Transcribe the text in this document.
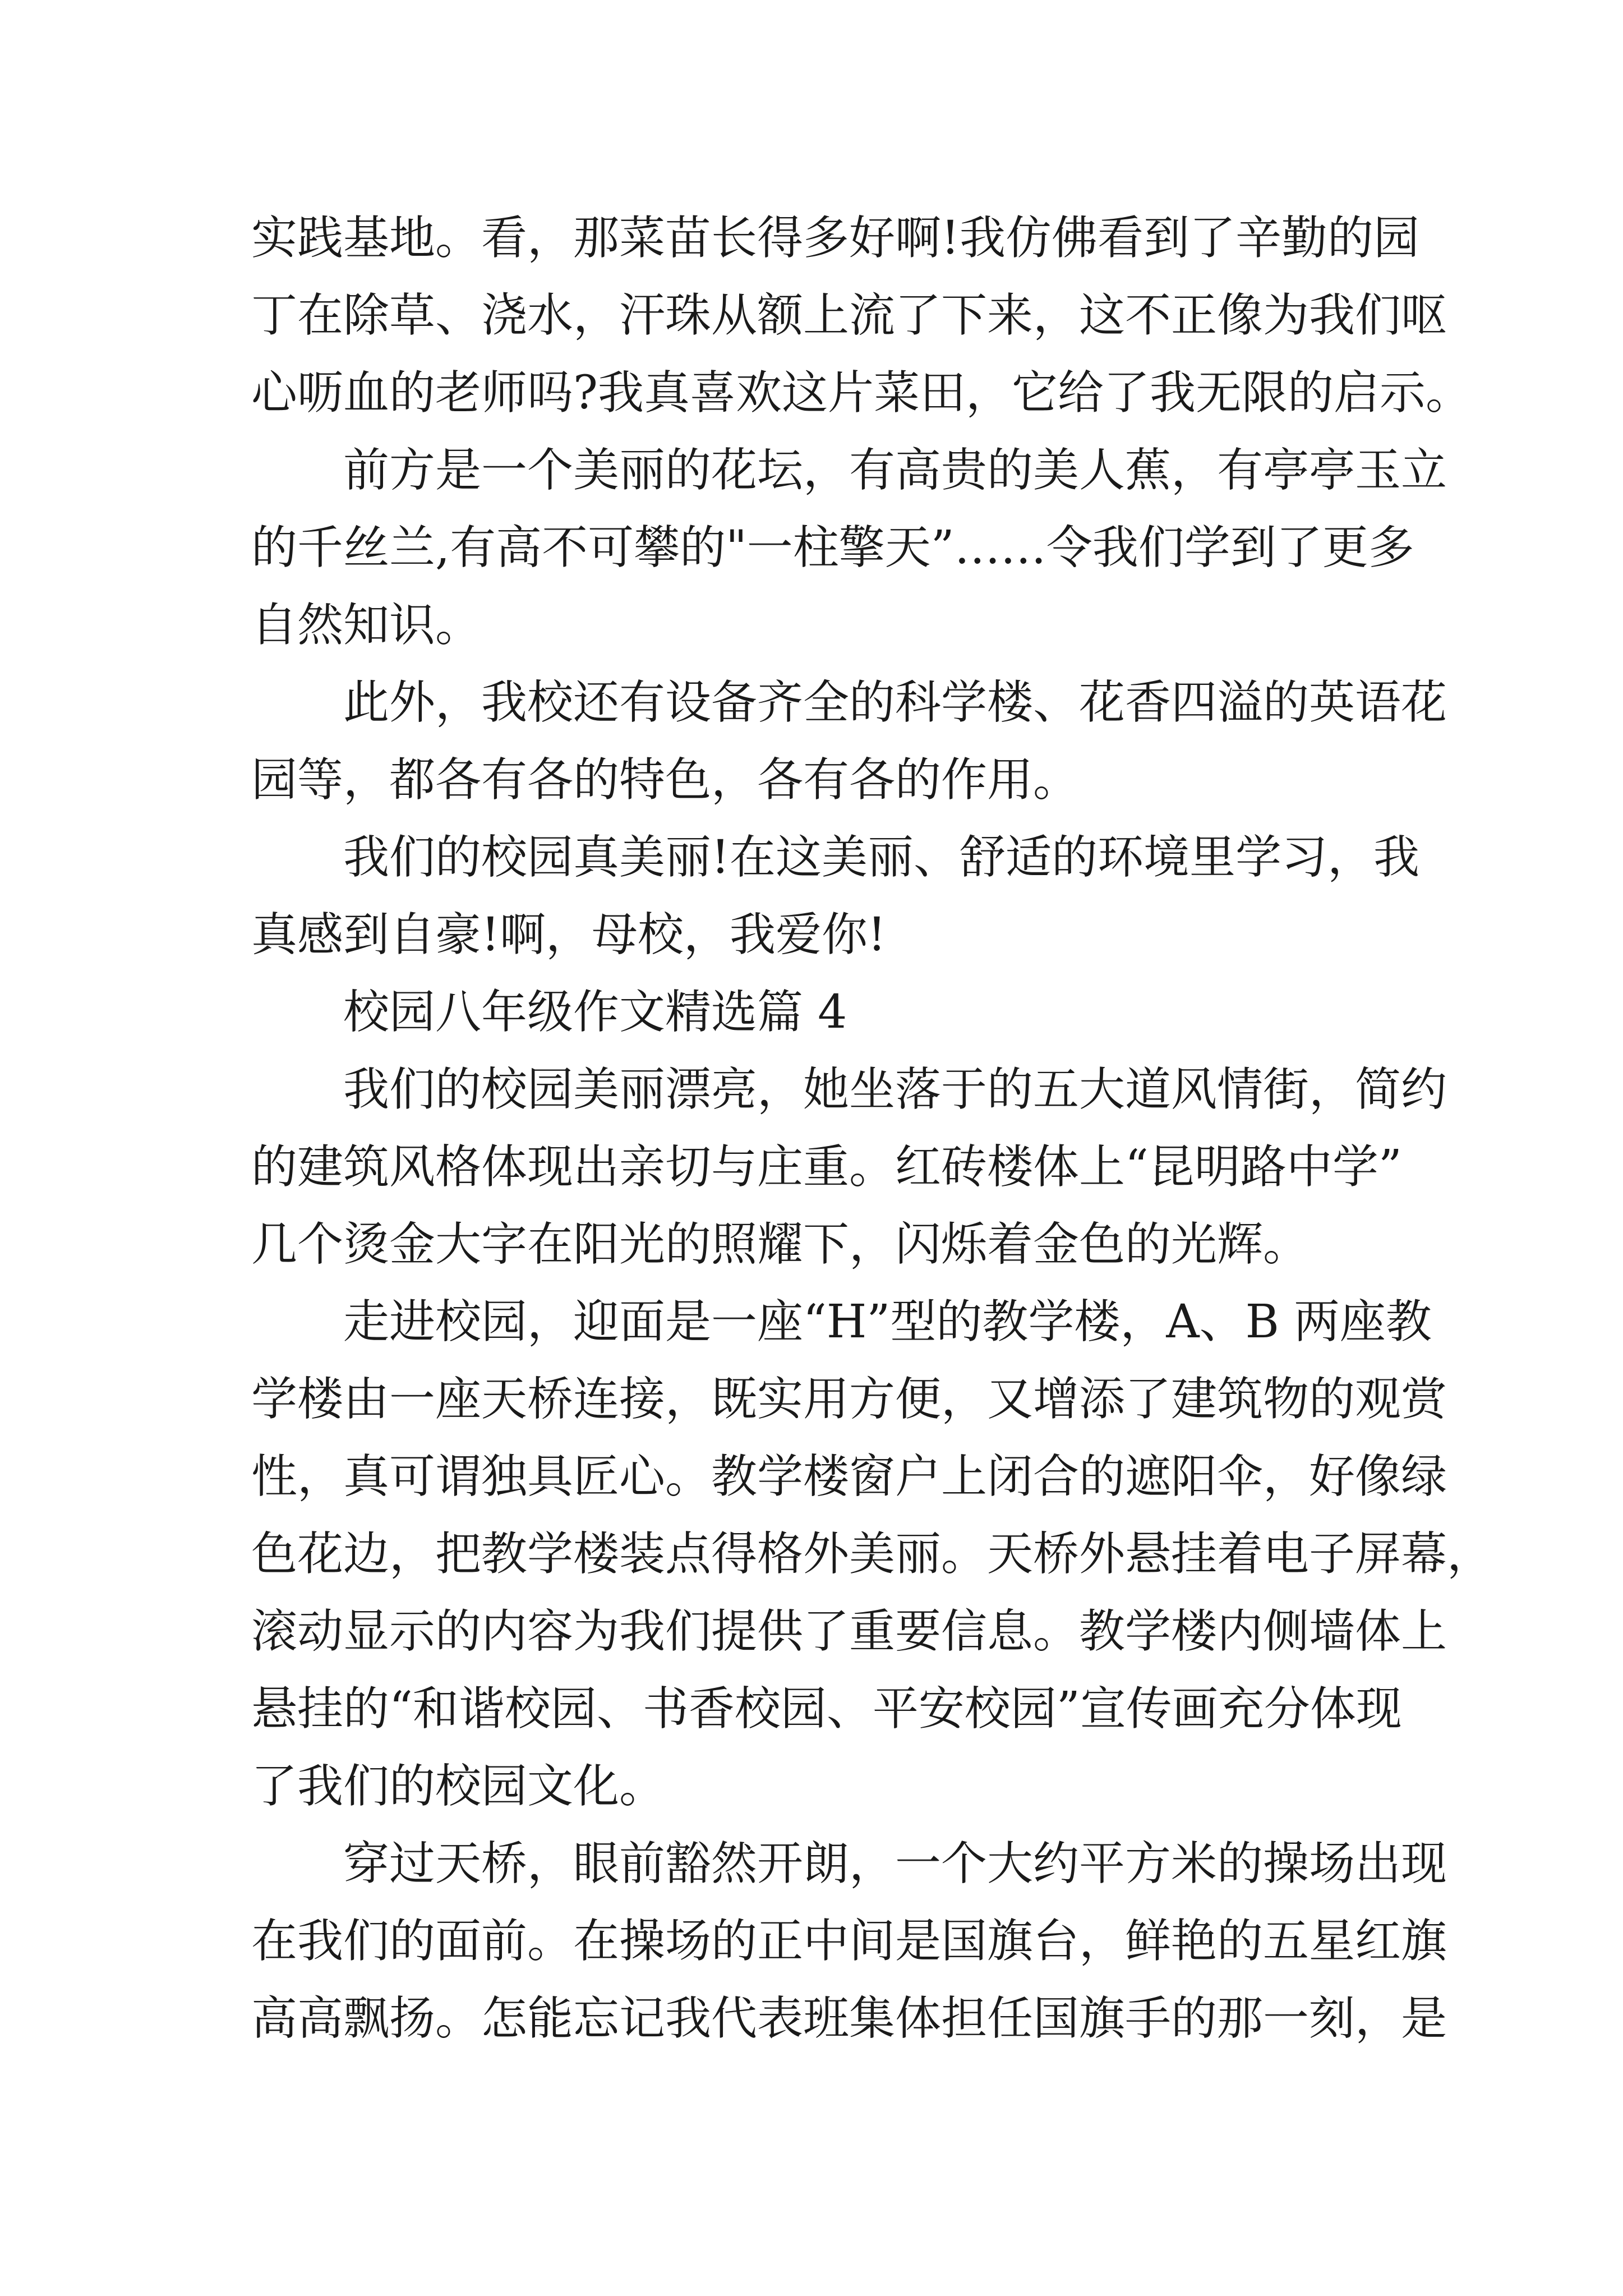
实践基地。看，那菜苗长得多好啊!我仿佛看到了辛勤的园
丁在除草、浇水，汗珠从额上流了下来，这不正像为我们呕
心呖血的老师吗?我真喜欢这片菜田，它给了我无限的启示。
前方是一个美丽的花坛，有高贵的美人蕉，有亭亭玉立
的千丝兰,有高不可攀的"一柱擎天”……令我们学到了更多
自然知识。
此外，我校还有设备齐全的科学楼、花香四溢的英语花
园等，都各有各的特色，各有各的作用。
我们的校园真美丽!在这美丽、舒适的环境里学习，我
真感到自豪!啊，母校，我爱你!
校园八年级作文精选篇 4
我们的校园美丽漂亮，她坐落于的五大道风情街，简约
的建筑风格体现出亲切与庄重。红砖楼体上“昆明路中学”
几个烫金大字在阳光的照耀下，闪烁着金色的光辉。
走进校园，迎面是一座“H”型的教学楼，A、B 两座教
学楼由一座天桥连接，既实用方便，又增添了建筑物的观赏
性，真可谓独具匠心。教学楼窗户上闭合的遮阳伞，好像绿
色花边，把教学楼装点得格外美丽。天桥外悬挂着电子屏幕，
滚动显示的内容为我们提供了重要信息。教学楼内侧墙体上
悬挂的“和谐校园、书香校园、平安校园”宣传画充分体现
了我们的校园文化。
穿过天桥，眼前豁然开朗，一个大约平方米的操场出现
在我们的面前。在操场的正中间是国旗台，鲜艳的五星红旗
高高飘扬。怎能忘记我代表班集体担任国旗手的那一刻，是
